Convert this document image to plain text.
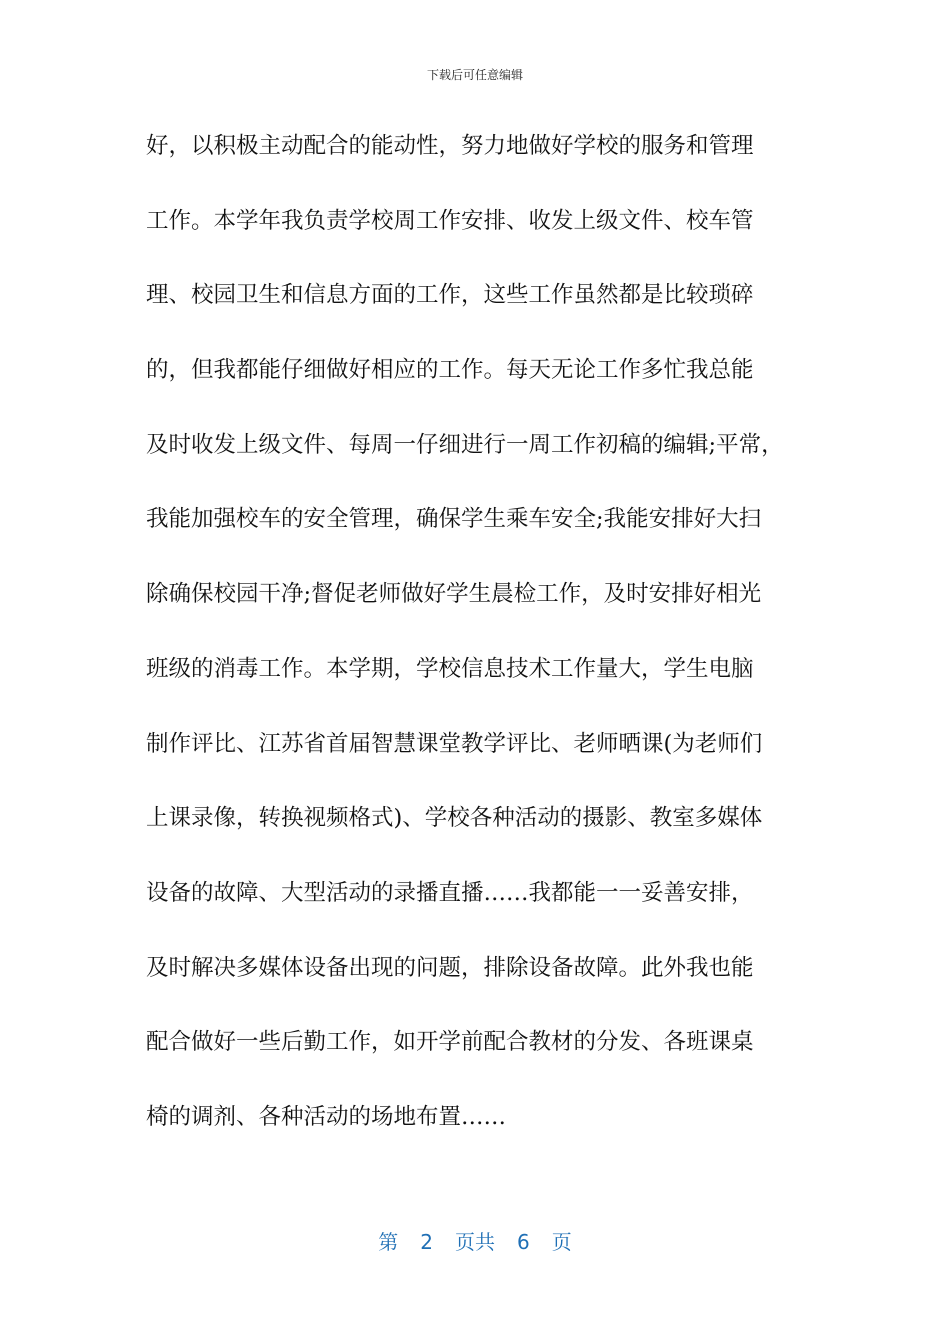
下载后可任意编辑
好，以积极主动配合的能动性，努力地做好学校的服务和管理
工作。本学年我负责学校周工作安排、收发上级文件、校车管
理、校园卫生和信息方面的工作，这些工作虽然都是比较琐碎
的，但我都能仔细做好相应的工作。每天无论工作多忙我总能
及时收发上级文件、每周一仔细进行一周工作初稿的编辑;平常，
我能加强校车的安全管理，确保学生乘车安全;我能安排好大扫
除确保校园干净;督促老师做好学生晨检工作，及时安排好相光
班级的消毒工作。本学期，学校信息技术工作量大，学生电脑
制作评比、江苏省首届智慧课堂教学评比、老师晒课(为老师们
上课录像，转换视频格式)、学校各种活动的摄影、教室多媒体
设备的故障、大型活动的录播直播……我都能一一妥善安排，
及时解决多媒体设备出现的问题，排除设备故障。此外我也能
配合做好一些后勤工作，如开学前配合教材的分发、各班课桌
椅的调剂、各种活动的场地布置……
第 2 页共 6 页
